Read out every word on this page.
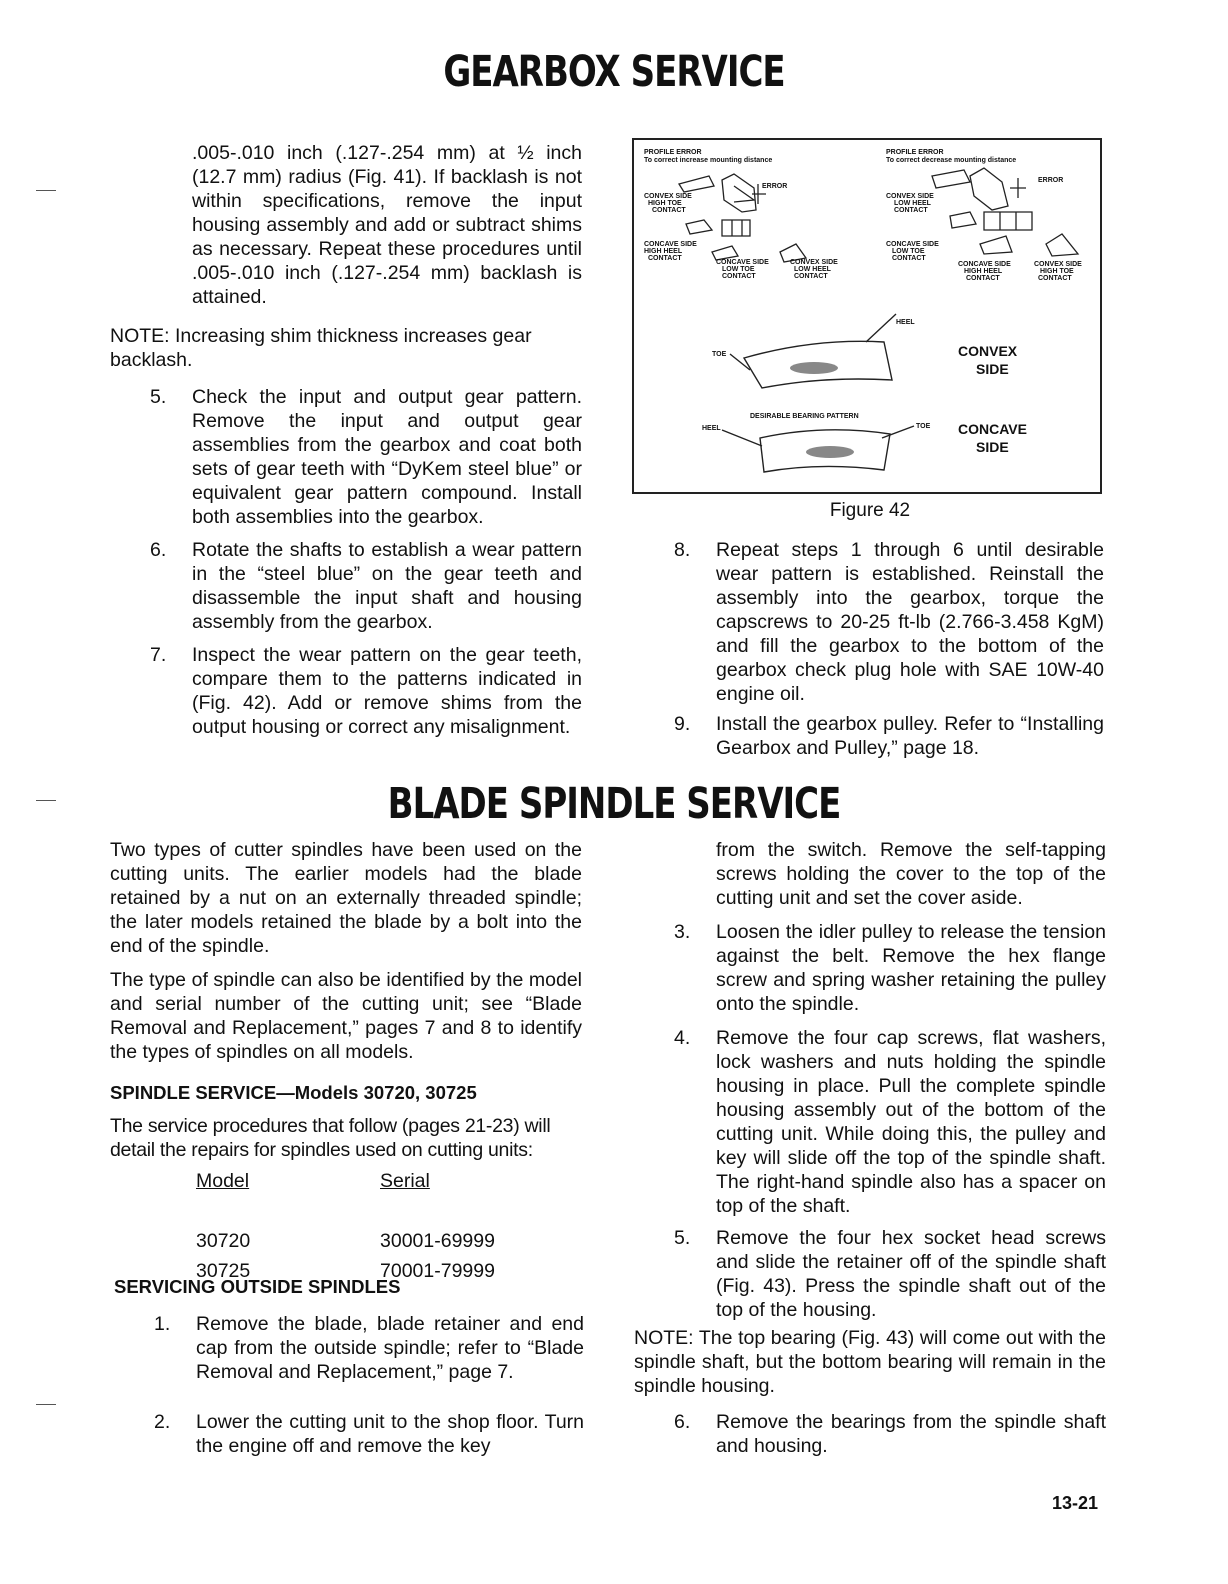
GEARBOX SERVICE
.005-.010 inch (.127-.254 mm) at ½ inch (12.7 mm) radius (Fig. 41). If backlash is not within specifications, remove the input housing assembly and add or subtract shims as necessary. Repeat these procedures until .005-.010 inch (.127-.254 mm) backlash is attained.
NOTE: Increasing shim thickness increases gear backlash.
5. Check the input and output gear pattern. Remove the input and output gear assemblies from the gearbox and coat both sets of gear teeth with “DyKem steel blue” or equivalent gear pattern compound. Install both assemblies into the gearbox.
6. Rotate the shafts to establish a wear pattern in the “steel blue” on the gear teeth and disassemble the input shaft and housing assembly from the gearbox.
7. Inspect the wear pattern on the gear teeth, compare them to the patterns indicated in (Fig. 42). Add or remove shims from the output housing or correct any misalignment.
PROFILE ERROR
To correct increase mounting distance
PROFILE ERROR
To correct decrease mounting distance
ERROR
CONVEX SIDE
HIGH TOE
CONTACT
CONCAVE SIDE
HIGH HEEL
CONTACT
CONCAVE SIDE
LOW TOE
CONTACT
CONVEX SIDE
LOW HEEL
CONTACT
ERROR
CONVEX SIDE
LOW HEEL
CONTACT
CONCAVE SIDE
LOW TOE
CONTACT
CONCAVE SIDE
HIGH HEEL
CONTACT
CONVEX SIDE
HIGH TOE
CONTACT
TOE
HEEL
CONVEX
SIDE
DESIRABLE BEARING PATTERN
HEEL	TOE CONCAVE
SIDE
Figure 42
8. Repeat steps 1 through 6 until desirable wear pattern is established. Reinstall the assembly into the gearbox, torque the capscrews to 20-25 ft-lb (2.766-3.458 KgM) and fill the gearbox to the bottom of the gearbox check plug hole with SAE 10W-40 engine oil.
9. Install the gearbox pulley. Refer to “Installing Gearbox and Pulley,” page 18.
BLADE SPINDLE SERVICE
Two types of cutter spindles have been used on the cutting units. The earlier models had the blade retained by a nut on an externally threaded spindle; the later models retained the blade by a bolt into the end of the spindle.
The type of spindle can also be identified by the model and serial number of the cutting unit; see “Blade Removal and Replacement,” pages 7 and 8 to identify the types of spindles on all models.
SPINDLE SERVICE—Models 30720, 30725
The service procedures that follow (pages 21-23) will detail the repairs for spindles used on cutting units:
Model	Serial

30720	30001-69999
30725	70001-79999
SERVICING OUTSIDE SPINDLES
1. Remove the blade, blade retainer and end cap from the outside spindle; refer to “Blade Removal and Replacement,” page 7.
2. Lower the cutting unit to the shop floor. Turn the engine off and remove the key
from the switch. Remove the self-tapping screws holding the cover to the top of the cutting unit and set the cover aside.
3. Loosen the idler pulley to release the tension against the belt. Remove the hex flange screw and spring washer retaining the pulley onto the spindle.
4. Remove the four cap screws, flat washers, lock washers and nuts holding the spindle housing in place. Pull the complete spindle housing assembly out of the bottom of the cutting unit. While doing this, the pulley and key will slide off the top of the spindle shaft. The right-hand spindle also has a spacer on top of the shaft.
5. Remove the four hex socket head screws and slide the retainer off of the spindle shaft (Fig. 43). Press the spindle shaft out of the top of the housing.
NOTE: The top bearing (Fig. 43) will come out with the spindle shaft, but the bottom bearing will remain in the spindle housing.
6. Remove the bearings from the spindle shaft and housing.
13-21
